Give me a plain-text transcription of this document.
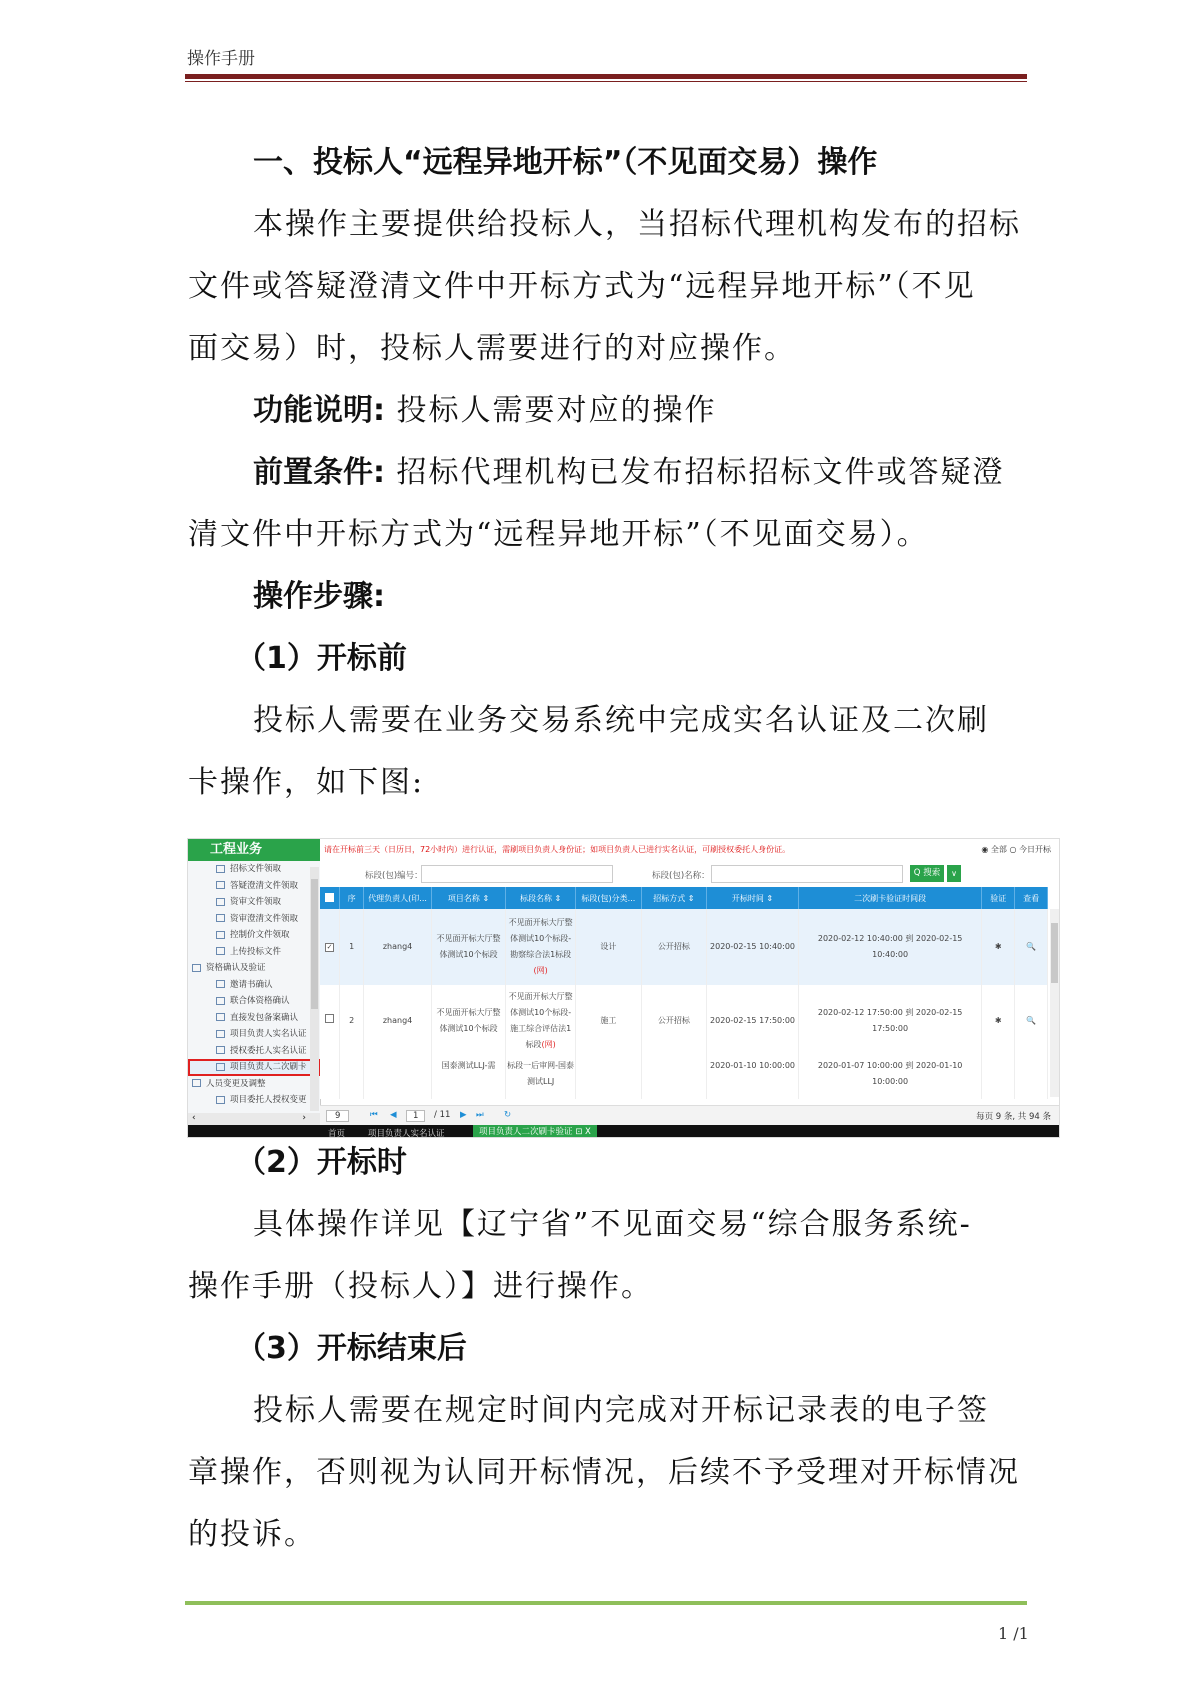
操作手册
一、投标人“远程异地开标”（不见面交易）操作

本操作主要提供给投标人，当招标代理机构发布的招标

文件或答疑澄清文件中开标方式为“远程异地开标”（不见

面交易）时，投标人需要进行的对应操作。

功能说明: 投标人需要对应的操作

前置条件: 招标代理机构已发布招标招标文件或答疑澄

清文件中开标方式为“远程异地开标”（不见面交易）。

操作步骤:

（1）开标前

投标人需要在业务交易系统中完成实名认证及二次刷

卡操作，如下图:

（2）开标时

具体操作详见【辽宁省”不见面交易“综合服务系统-

操作手册（投标人）】进行操作。

（3）开标结束后

投标人需要在规定时间内完成对开标记录表的电子签

章操作，否则视为认同开标情况，后续不予受理对开标情况

的投诉。

工程业务
招标文件领取
答疑澄清文件领取
资审文件领取
资审澄清文件领取
控制价文件领取
上传投标文件
资格确认及验证
邀请书确认
联合体资格确认
直接发包备案确认
项目负责人实名认证
授权委托人实名认证
项目负责人二次刷卡
人员变更及调整
项目委托人授权变更
‹	›
请在开标前三天（日历日，72小时内）进行认证，需刷项目负责人身份证；如项目负责人已进行实名认证，可刷授权委托人身份证。	◉ 全部 ○ 今日开标
标段(包)编号：	标段(包)名称：	Q 搜索	∨
	序	代理负责人(印...	项目名称 ⇕	标段名称 ⇕	标段(包)分类...	招标方式 ⇕	开标时间 ⇕	二次刷卡验证时间段	验证	查看
✓	1	zhang4	不见面开标大厅整体测试10个标段	不见面开标大厅整体测试10个标段-勘察综合法1标段(网)	设计	公开招标	2020-02-15 10:40:00	2020-02-12 10:40:00 到 2020-02-15 10:40:00	✱	🔍
	2	zhang4	不见面开标大厅整体测试10个标段	不见面开标大厅整体测试10个标段-施工综合评估法1标段(网)	施工	公开招标	2020-02-15 17:50:00	2020-02-12 17:50:00 到 2020-02-15 17:50:00	✱	🔍
			国泰测试LLJ-需	标段一后审网-国泰测试LLJ			2020-01-10 10:00:00	2020-01-07 10:00:00 到 2020-01-10 10:00:00		
9	⏮ ◀	1	/ 11 ▶ ⏭ ↻	每页 9 条, 共 94 条
首页	项目负责人实名认证	项目负责人二次刷卡验证 ⊡ X
1 /1
